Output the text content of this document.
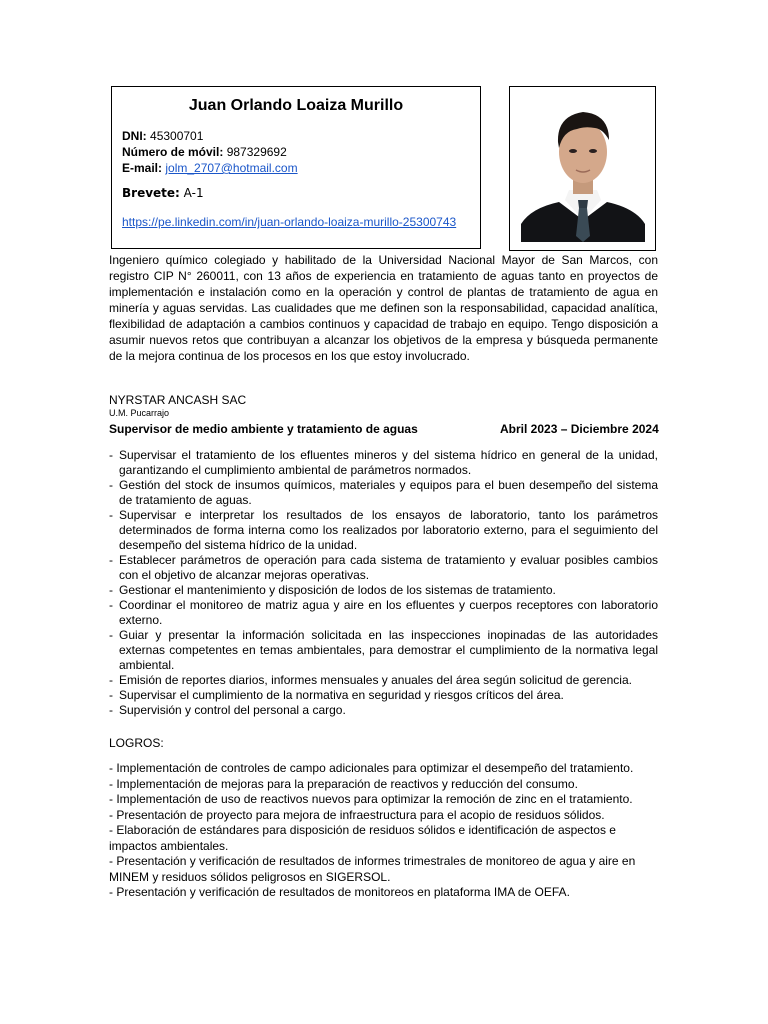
Juan Orlando Loaiza Murillo
DNI: 45300701
Número de móvil: 987329692
E-mail: jolm_2707@hotmail.com
Brevete: A-1
https://pe.linkedin.com/in/juan-orlando-loaiza-murillo-25300743
Ingeniero químico colegiado y habilitado de la Universidad Nacional Mayor de San Marcos, con registro CIP N° 260011, con 13 años de experiencia en tratamiento de aguas tanto en proyectos de implementación e instalación como en la operación y control de plantas de tratamiento de agua en minería y aguas servidas. Las cualidades que me definen son la responsabilidad, capacidad analítica, flexibilidad de adaptación a cambios continuos y capacidad de trabajo en equipo. Tengo disposición a asumir nuevos retos que contribuyan a alcanzar los objetivos de la empresa y búsqueda permanente de la mejora continua de los procesos en los que estoy involucrado.
NYRSTAR ANCASH SAC
U.M. Pucarrajo
Supervisor de medio ambiente y tratamiento de aguas	Abril 2023 – Diciembre 2024
- Supervisar el tratamiento de los efluentes mineros y del sistema hídrico en general de la unidad, garantizando el cumplimiento ambiental de parámetros normados.
- Gestión del stock de insumos químicos, materiales y equipos para el buen desempeño del sistema de tratamiento de aguas.
- Supervisar e interpretar los resultados de los ensayos de laboratorio, tanto los parámetros determinados de forma interna como los realizados por laboratorio externo, para el seguimiento del desempeño del sistema hídrico de la unidad.
- Establecer parámetros de operación para cada sistema de tratamiento y evaluar posibles cambios con el objetivo de alcanzar mejoras operativas.
- Gestionar el mantenimiento y disposición de lodos de los sistemas de tratamiento.
- Coordinar el monitoreo de matriz agua y aire en los efluentes y cuerpos receptores con laboratorio externo.
- Guiar y presentar la información solicitada en las inspecciones inopinadas de las autoridades externas competentes en temas ambientales, para demostrar el cumplimiento de la normativa legal ambiental.
- Emisión de reportes diarios, informes mensuales y anuales del área según solicitud de gerencia.
- Supervisar el cumplimiento de la normativa en seguridad y riesgos críticos del área.
- Supervisión y control del personal a cargo.
LOGROS:
- Implementación de controles de campo adicionales para optimizar el desempeño del tratamiento.
- Implementación de mejoras para la preparación de reactivos y reducción del consumo.
- Implementación de uso de reactivos nuevos para optimizar la remoción de zinc en el tratamiento.
- Presentación de proyecto para mejora de infraestructura para el acopio de residuos sólidos.
- Elaboración de estándares para disposición de residuos sólidos e identificación de aspectos e impactos ambientales.
- Presentación y verificación de resultados de informes trimestrales de monitoreo de agua y aire en MINEM y residuos sólidos peligrosos en SIGERSOL.
- Presentación y verificación de resultados de monitoreos en plataforma IMA de OEFA.
